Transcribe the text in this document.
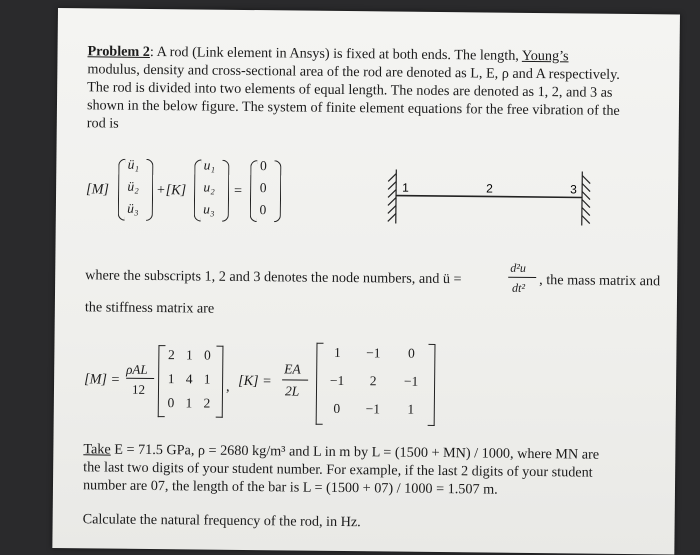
Problem 2: A rod (Link element in Ansys) is fixed at both ends. The length, Young’s
modulus, density and cross-sectional area of the rod are denoted as L, E, ρ and A respectively.
The rod is divided into two elements of equal length. The nodes are denoted as 1, 2, and 3 as
shown in the below figure. The system of finite element equations for the free vibration of the
rod is
[M]
ü₁
ü₂
ü₃
+[K]
u₁
u₂
u₃
=
0
0
0
1	2	3
where the subscripts 1, 2 and 3 denotes the node numbers, and ü =	d²u
dt² , the mass matrix and
the stiffness matrix are
[M] =
ρAL
12
2 1 0
1 4 1
0 1 2
, [K] =
EA
2L
1	−1	0
−1	2	−1
0	−1	1
Take E = 71.5 GPa, ρ = 2680 kg/m³ and L in m by L = (1500 + MN) / 1000, where MN are
the last two digits of your student number. For example, if the last 2 digits of your student
number are 07, the length of the bar is L = (1500 + 07) / 1000 = 1.507 m.
Calculate the natural frequency of the rod, in Hz.
